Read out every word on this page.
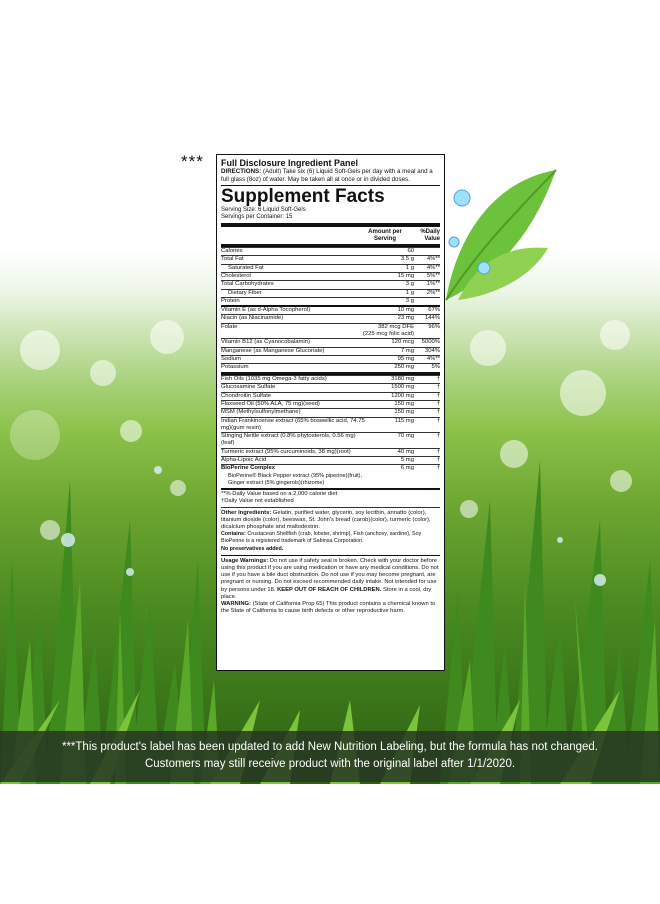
*** Full Disclosure Ingredient Panel
DIRECTIONS: (Adult) Take six (6) Liquid Soft-Gels per day with a meal and a full glass (8oz) of water. May be taken all at once or in divided doses.
Supplement Facts
Serving Size: 6 Liquid Soft-Gels
Servings per Container: 15
Amount per Serving
%Daily Value
Calories	60
Total Fat	3.5 g	4%**
Saturated Fat	1 g	4%**
Cholesterol	15 mg	5%**
Total Carbohydrates	3 g	1%**
Dietary Fiber	1 g	2%**
Protein	3 g
Vitamin E (as d-Alpha Tocopherol)	10 mg	67%
Niacin (as Niacinamide)	23 mg	144%
Folate	382 mcg DFE	96%
(225 mcg folic acid)
Vitamin B12 (as Cyanocobalamin)	120 mcg	5000%
Manganese (as Manganese Gluconate)	7 mg	304%
Sodium	95 mg	4%**
Potassium	250 mg	5%
Fish Oils (1035 mg Omega-3 fatty acids)	3180 mg	†
Glucosamine Sulfate	1500 mg	†
Chondroitin Sulfate	1200 mg	†
Flaxseed Oil (50% ALA, 75 mg)(seed)	150 mg	†
MSM (Methylsulfonylmethane)	150 mg	†
Indian Frankincense extract (65% boswellic acid, 74.75 mg)(gum resin)
115 mg	†
Stinging Nettle extract (0.8% phytosterols, 0.56 mg)(leaf)
70 mg	†
Turmeric extract (95% curcuminoids, 38 mg)(root)	40 mg	†
Alpha-Lipoic Acid	5 mg	†
BioPerine Complex	6 mg	†
BioPerine® Black Pepper extract (95% piperine)(fruit),
Ginger extract (5% gingerols)(rhizome)
**% Daily Value based on a 2,000 calorie diet
†Daily Value not established
Other Ingredients: Gelatin, purified water, glycerin, soy lecithin, annatto (color), titanium dioxide (color), beeswax, St. John's bread (carob)(color), turmeric (color), dicalcium phosphate and maltodextrin.
Contains: Crustacean Shellfish (crab, lobster, shrimp), Fish (anchovy, sardine), Soy
BioPerine is a registered trademark of Sabinsa Corporation.
No preservatives added.
Usage Warnings: Do not use if safety seal is broken. Check with your doctor before using this product if you are using medication or have any medical conditions. Do not use if you have a bile duct obstruction. Do not use if you may become pregnant, are pregnant or nursing. Do not exceed recommended daily intake. Not intended for use by persons under 18. KEEP OUT OF REACH OF CHILDREN. Store in a cool, dry place.
WARNING: (State of California Prop 65) This product contains a chemical known to the State of California to cause birth defects or other reproductive harm.
***This product's label has been updated to add New Nutrition Labeling, but the formula has not changed.
Customers may still receive product with the original label after 1/1/2020.
